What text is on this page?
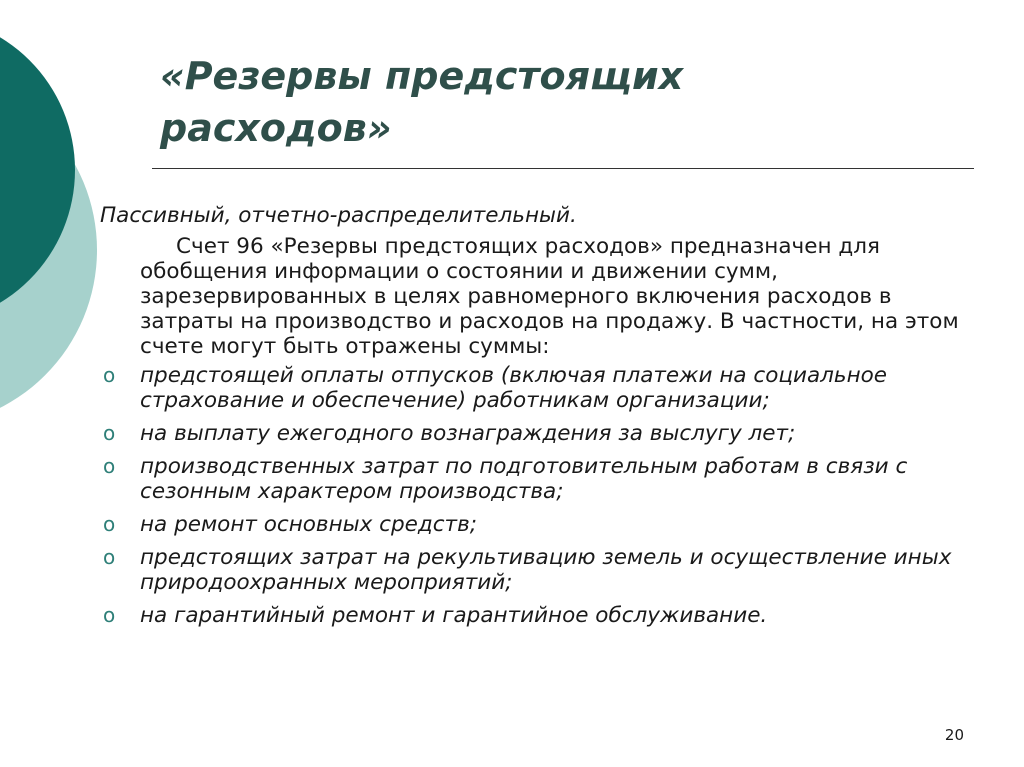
«Резервы предстоящих
расходов»

Пассивный, отчетно-распределительный.

Счет 96 «Резервы предстоящих расходов» предназначен для обобщения информации о состоянии и движении сумм, зарезервированных в целях равномерного включения расходов в затраты на производство и расходов на продажу. В частности, на этом счете могут быть отражены суммы:

o предстоящей оплаты отпусков (включая платежи на социальное страхование и обеспечение) работникам организации;
o на выплату ежегодного вознаграждения за выслугу лет;
o производственных затрат по подготовительным работам в связи с сезонным характером производства;
o на ремонт основных средств;
o предстоящих затрат на рекультивацию земель и осуществление иных природоохранных мероприятий;
o на гарантийный ремонт и гарантийное обслуживание.
20
